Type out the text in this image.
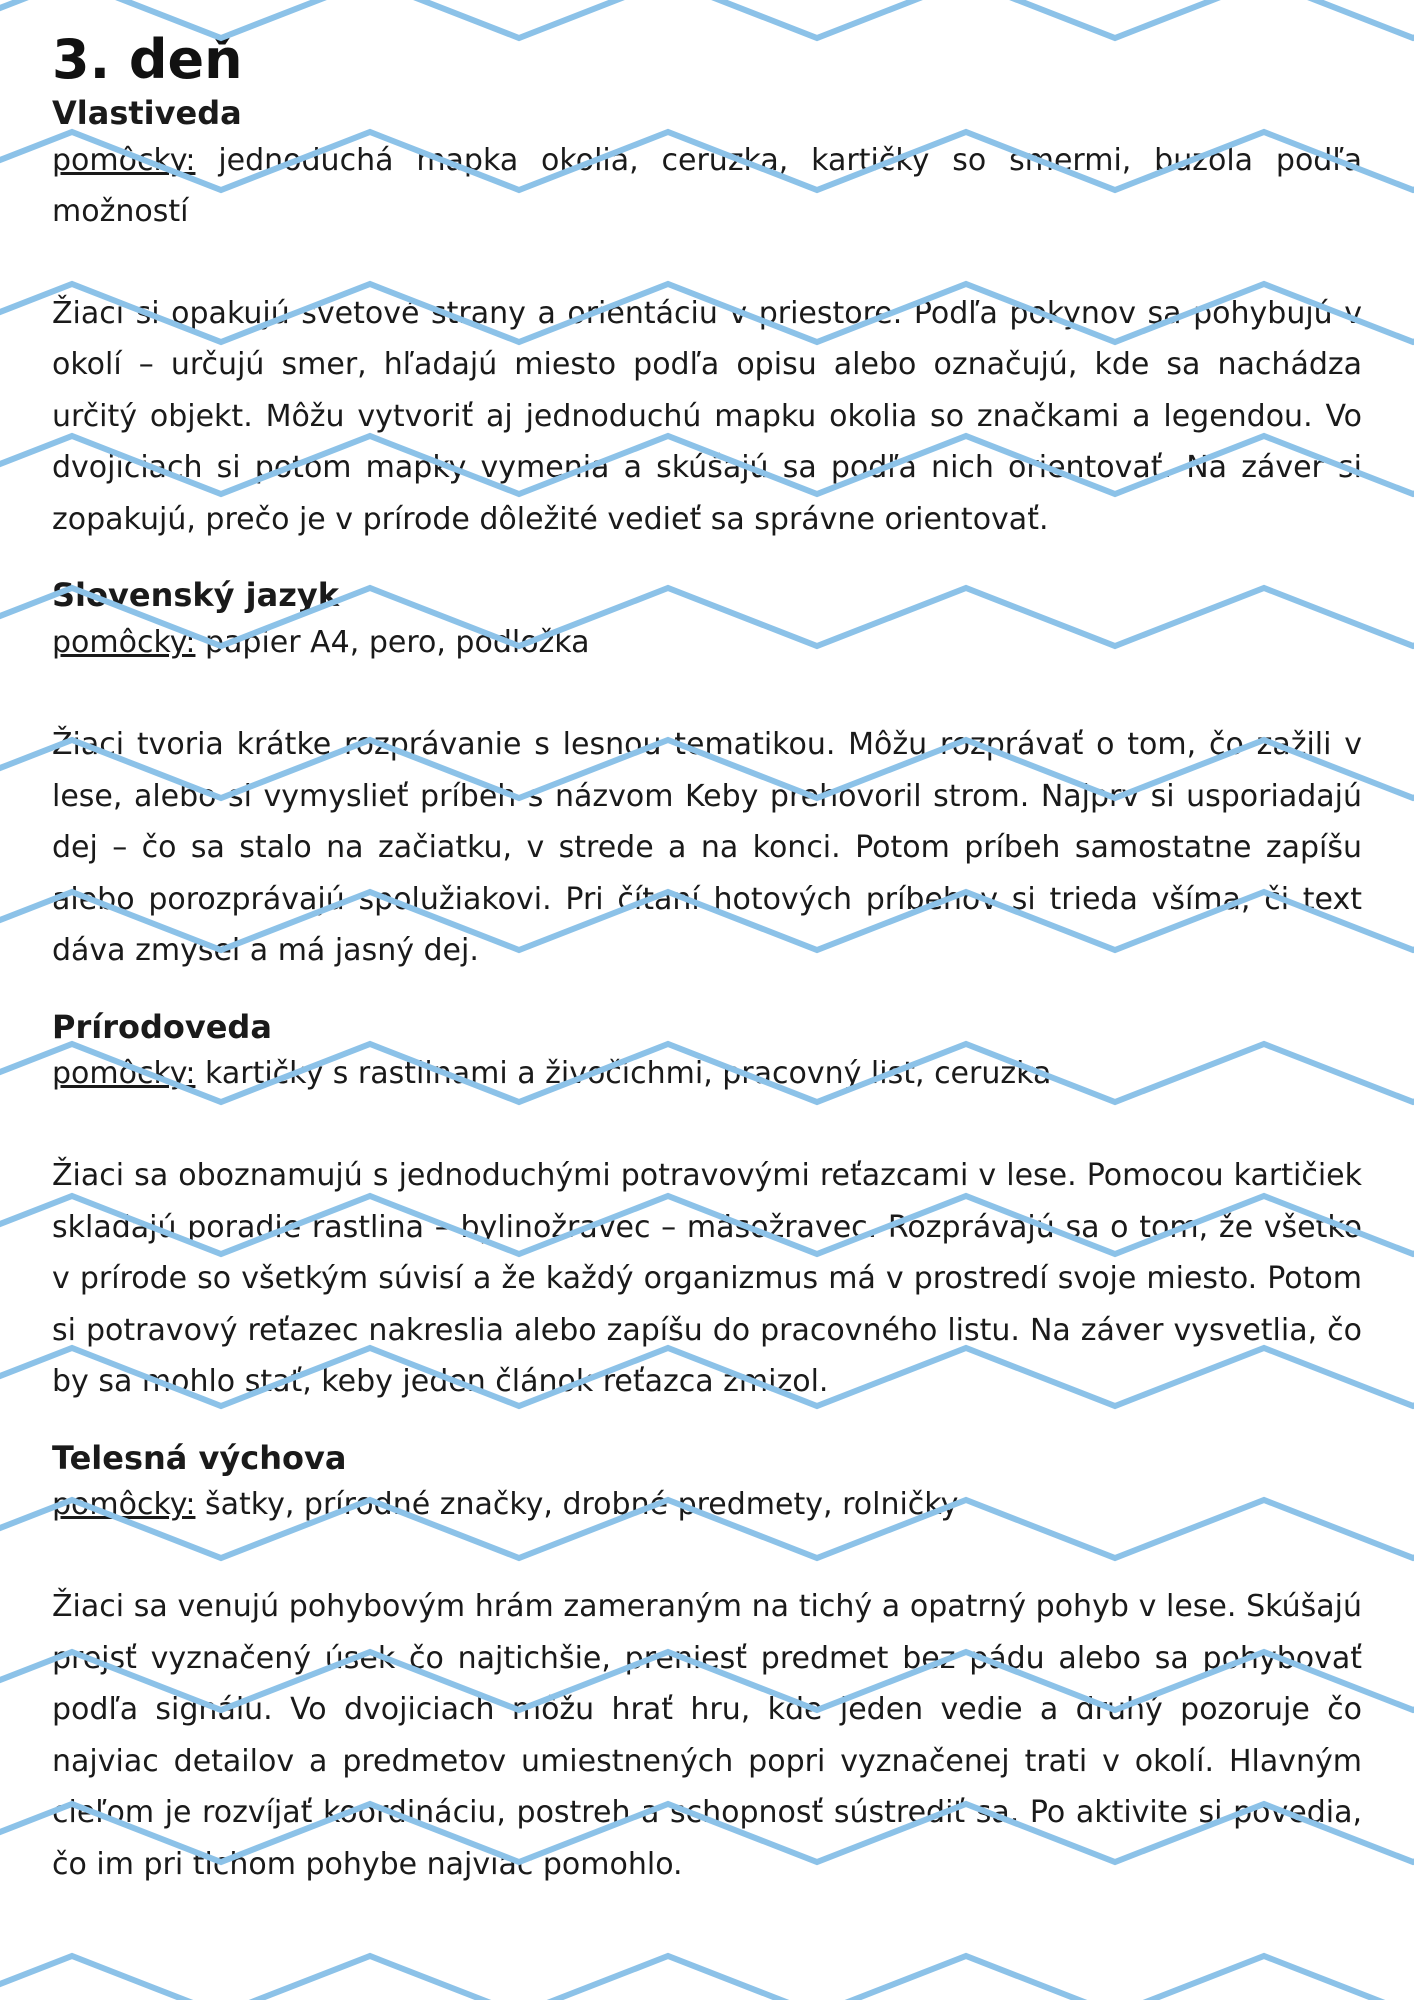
3. deň
Vlastiveda

pomôcky: jednoduchá mapka okolia, ceruzka, kartičky so smermi, buzola podľa možností

Žiaci si opakujú svetové strany a orientáciu v priestore. Podľa pokynov sa pohybujú v okolí – určujú smer, hľadajú miesto podľa opisu alebo označujú, kde sa nachádza určitý objekt. Môžu vytvoriť aj jednoduchú mapku okolia so značkami a legendou. Vo dvojiciach si potom mapky vymenia a skúšajú sa podľa nich orientovať. Na záver si zopakujú, prečo je v prírode dôležité vedieť sa správne orientovať.

Slovenský jazyk

pomôcky: papier A4, pero, podložka

Žiaci tvoria krátke rozprávanie s lesnou tematikou. Môžu rozprávať o tom, čo zažili v lese, alebo si vymyslieť príbeh s názvom Keby prehovoril strom. Najprv si usporiadajú dej – čo sa stalo na začiatku, v strede a na konci. Potom príbeh samostatne zapíšu alebo porozprávajú spolužiakovi. Pri čítaní hotových príbehov si trieda všíma, či text dáva zmysel a má jasný dej.

Prírodoveda

pomôcky: kartičky s rastlinami a živočíchmi, pracovný list, ceruzka

Žiaci sa oboznamujú s jednoduchými potravovými reťazcami v lese. Pomocou kartičiek skladajú poradie rastlina – bylinožravec – mäsožravec. Rozprávajú sa o tom, že všetko v prírode so všetkým súvisí a že každý organizmus má v prostredí svoje miesto. Potom si potravový reťazec nakreslia alebo zapíšu do pracovného listu. Na záver vysvetlia, čo by sa mohlo stať, keby jeden článok reťazca zmizol.

Telesná výchova

pomôcky: šatky, prírodné značky, drobné predmety, rolničky

Žiaci sa venujú pohybovým hrám zameraným na tichý a opatrný pohyb v lese. Skúšajú prejsť vyznačený úsek čo najtichšie, preniesť predmet bez pádu alebo sa pohybovať podľa signálu. Vo dvojiciach môžu hrať hru, kde jeden vedie a druhý pozoruje čo najviac detailov a predmetov umiestnených popri vyznačenej trati v okolí. Hlavným cieľom je rozvíjať koordináciu, postreh a schopnosť sústrediť sa. Po aktivite si povedia, čo im pri tichom pohybe najviac pomohlo.
